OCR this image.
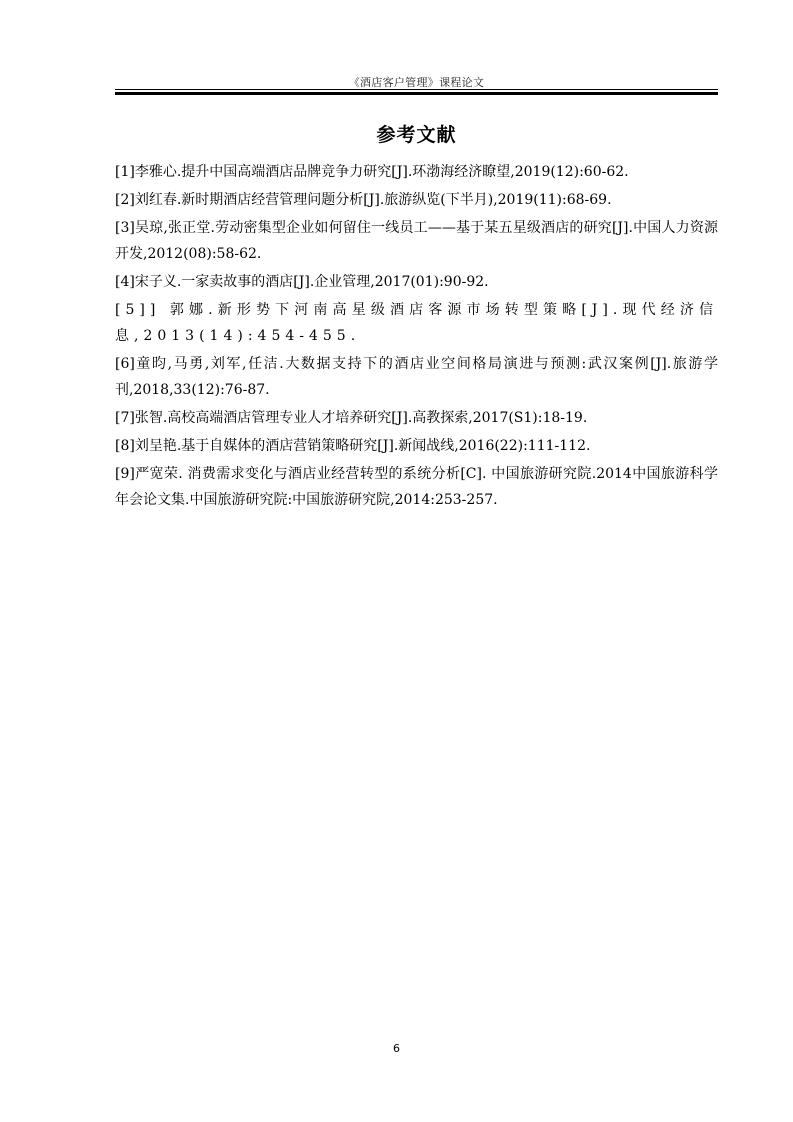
《酒店客户管理》课程论文
参考文献
[1]李雅心.提升中国高端酒店品牌竞争力研究[J].环渤海经济瞭望,2019(12):60-62.
[2]刘红春.新时期酒店经营管理问题分析[J].旅游纵览(下半月),2019(11):68-69.
[3]吴琼,张正堂.劳动密集型企业如何留住一线员工——基于某五星级酒店的研究[J].中国人力资源开发,2012(08):58-62.
[4]宋子义.一家卖故事的酒店[J].企业管理,2017(01):90-92.
[5]] 郭娜.新形势下河南高星级酒店客源市场转型策略[J].现代经济信息,2013(14):454-455.
[6]童昀,马勇,刘军,任洁.大数据支持下的酒店业空间格局演进与预测:武汉案例[J].旅游学刊,2018,33(12):76-87.
[7]张智.高校高端酒店管理专业人才培养研究[J].高教探索,2017(S1):18-19.
[8]刘呈艳.基于自媒体的酒店营销策略研究[J].新闻战线,2016(22):111-112.
[9]严宽荣. 消费需求变化与酒店业经营转型的系统分析[C]. 中国旅游研究院.2014中国旅游科学年会论文集.中国旅游研究院:中国旅游研究院,2014:253-257.
6
